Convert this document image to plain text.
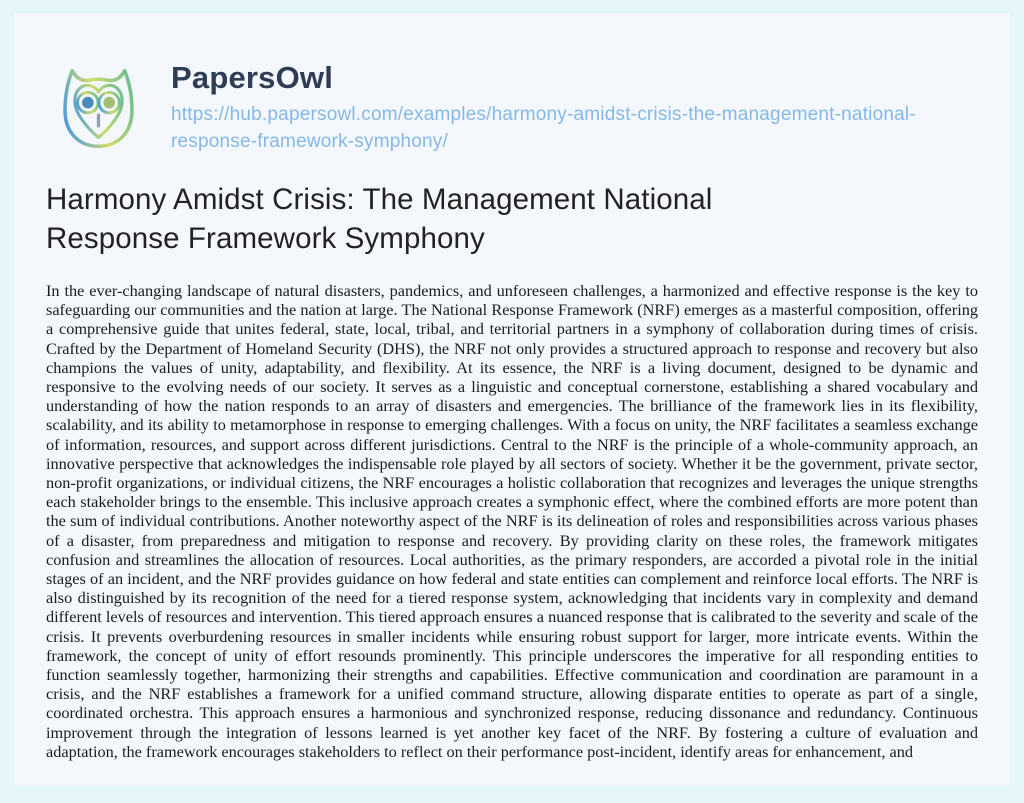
PapersOwl
https://hub.papersowl.com/examples/harmony-amidst-crisis-the-management-national-response-framework-symphony/
Harmony Amidst Crisis: The Management National Response Framework Symphony

In the ever-changing landscape of natural disasters, pandemics, and unforeseen challenges, a harmonized and effective response is the key to safeguarding our communities and the nation at large. The National Response Framework (NRF) emerges as a masterful composition, offering a comprehensive guide that unites federal, state, local, tribal, and territorial partners in a symphony of collaboration during times of crisis. Crafted by the Department of Homeland Security (DHS), the NRF not only provides a structured approach to response and recovery but also champions the values of unity, adaptability, and flexibility. At its essence, the NRF is a living document, designed to be dynamic and responsive to the evolving needs of our society. It serves as a linguistic and conceptual cornerstone, establishing a shared vocabulary and understanding of how the nation responds to an array of disasters and emergencies. The brilliance of the framework lies in its flexibility, scalability, and its ability to metamorphose in response to emerging challenges. With a focus on unity, the NRF facilitates a seamless exchange of information, resources, and support across different jurisdictions. Central to the NRF is the principle of a whole-community approach, an innovative perspective that acknowledges the indispensable role played by all sectors of society. Whether it be the government, private sector, non-profit organizations, or individual citizens, the NRF encourages a holistic collaboration that recognizes and leverages the unique strengths each stakeholder brings to the ensemble. This inclusive approach creates a symphonic effect, where the combined efforts are more potent than the sum of individual contributions. Another noteworthy aspect of the NRF is its delineation of roles and responsibilities across various phases of a disaster, from preparedness and mitigation to response and recovery. By providing clarity on these roles, the framework mitigates confusion and streamlines the allocation of resources. Local authorities, as the primary responders, are accorded a pivotal role in the initial stages of an incident, and the NRF provides guidance on how federal and state entities can complement and reinforce local efforts. The NRF is also distinguished by its recognition of the need for a tiered response system, acknowledging that incidents vary in complexity and demand different levels of resources and intervention. This tiered approach ensures a nuanced response that is calibrated to the severity and scale of the crisis. It prevents overburdening resources in smaller incidents while ensuring robust support for larger, more intricate events. Within the framework, the concept of unity of effort resounds prominently. This principle underscores the imperative for all responding entities to function seamlessly together, harmonizing their strengths and capabilities. Effective communication and coordination are paramount in a crisis, and the NRF establishes a framework for a unified command structure, allowing disparate entities to operate as part of a single, coordinated orchestra. This approach ensures a harmonious and synchronized response, reducing dissonance and redundancy. Continuous improvement through the integration of lessons learned is yet another key facet of the NRF. By fostering a culture of evaluation and adaptation, the framework encourages stakeholders to reflect on their performance post-incident, identify areas for enhancement, and
